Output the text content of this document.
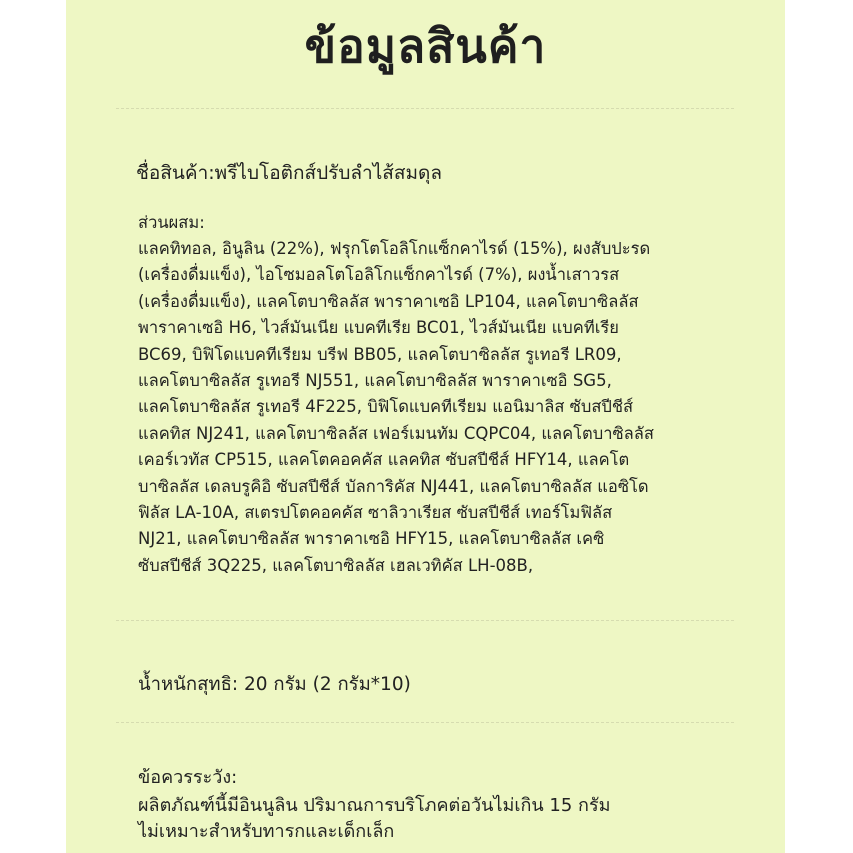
ข้อมูลสินค้า
ชื่อสินค้า:พรีไบโอติกส์ปรับลำไส้สมดุล
ส่วนผสม:
แลคทิทอล, อินูลิน (22%), ฟรุกโตโอลิโกแซ็กคาไรด์ (15%), ผงสับปะรด
(เครื่องดื่มแข็ง), ไอโซมอลโตโอลิโกแซ็กคาไรด์ (7%), ผงน้ำเสาวรส
(เครื่องดื่มแข็ง), แลคโตบาซิลลัส พาราคาเซอิ LP104, แลคโตบาซิลลัส
พาราคาเซอิ H6, ไวส์มันเนีย แบคทีเรีย BC01, ไวส์มันเนีย แบคทีเรีย
BC69, บิฟิโดแบคทีเรียม บรีฟ BB05, แลคโตบาซิลลัส รูเทอรี LR09,
แลคโตบาซิลลัส รูเทอรี NJ551, แลคโตบาซิลลัส พาราคาเซอิ SG5,
แลคโตบาซิลลัส รูเทอรี 4F225, บิฟิโดแบคทีเรียม แอนิมาลิส ซับสปีชีส์
แลคทิส NJ241, แลคโตบาซิลลัส เฟอร์เมนทัม CQPC04, แลคโตบาซิลลัส
เคอร์เวทัส CP515, แลคโตคอคคัส แลคทิส ซับสปีชีส์ HFY14, แลคโต
บาซิลลัส เดลบรูคิอิ ซับสปีชีส์ บัลการิคัส NJ441, แลคโตบาซิลลัส แอซิโด
ฟิลัส LA-10A, สเตรปโตคอคคัส ซาลิวาเรียส ซับสปีชีส์ เทอร์โมฟิลัส
NJ21, แลคโตบาซิลลัส พาราคาเซอิ HFY15, แลคโตบาซิลลัส เคซิ
ซับสปีชีส์ 3Q225, แลคโตบาซิลลัส เฮลเวทิคัส LH-08B,
น้ำหนักสุทธิ: 20 กรัม (2 กรัม*10)
ข้อควรระวัง:
ผลิตภัณฑ์นี้มีอินนูลิน ปริมาณการบริโภคต่อวันไม่เกิน 15 กรัม
ไม่เหมาะสำหรับทารกและเด็กเล็ก
